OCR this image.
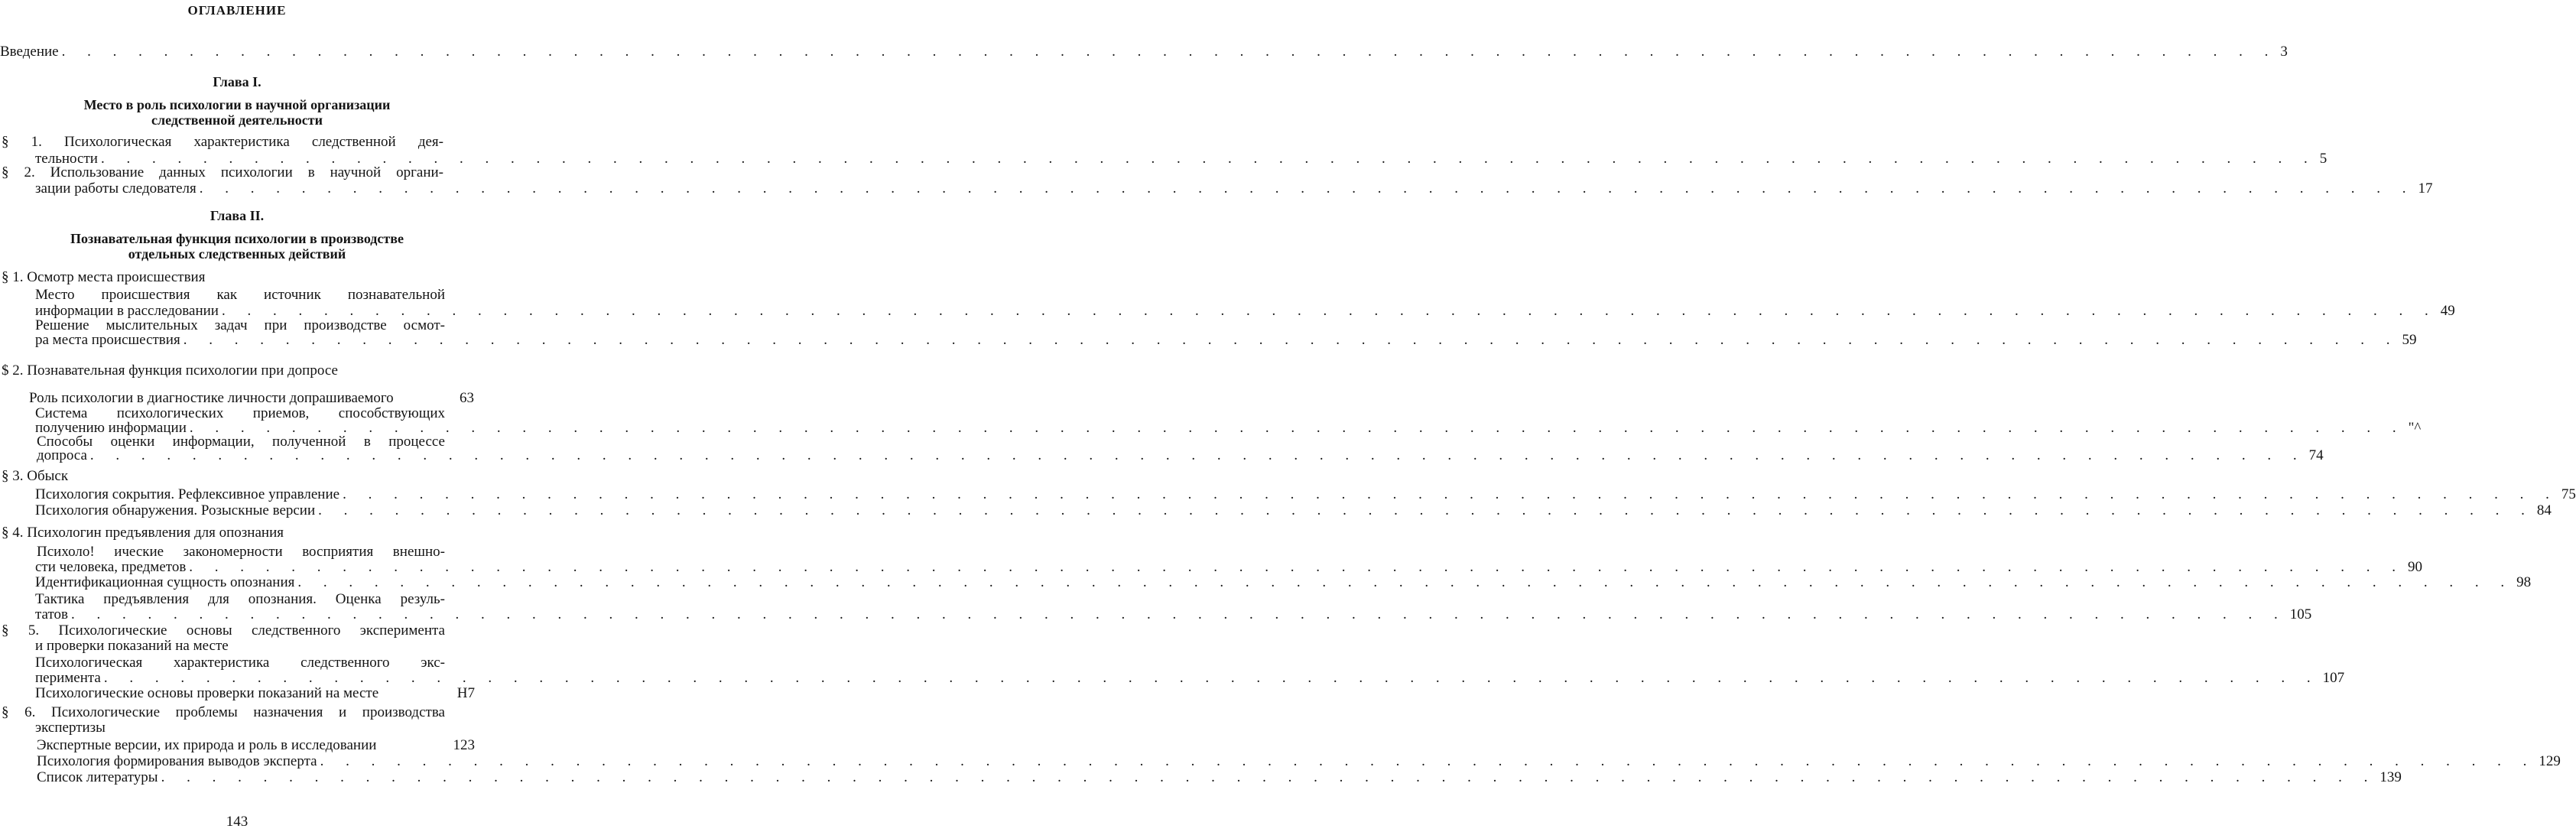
ОГЛАВЛЕНИЕ
Введение . . .	3
Глава I.
Место в роль психологии в научной организации
следственной деятельности
§ 1. Психологическая характеристика следственной дея-
тельности . . .	5
§ 2. Использование данных психологии в научной органи-
зации работы следователя . . .	17
Глава II.
Познавательная функция психологии в производстве
отдельных следственных действий
§ 1. Осмотр места происшествия
Место происшествия как источник познавательной
информации в расследовании . . .	49
Решение мыслительных задач при производстве осмот-
ра места происшествия . . .	59
$ 2. Познавательная функция психологии при допросе
Роль психологии в диагностике личности допрашиваемого	63
Система психологических приемов, способствующих
получению информации . . .	"^
Способы оценки информации, полученной в процессе
допроса . . .	74
§ 3. Обыск
Психология сокрытия. Рефлексивное управление . . .	75
Психология обнаружения. Розыскные версии . . .	84
§ 4. Психологин предъявления для опознания
Психоло! ические закономерности восприятия внешно-
сти человека, предметов . . .	90
Идентификационная сущность опознания . . .	98
Тактика предъявления для опознания. Оценка резуль-
татов . . .	105
§ 5. Психологические основы следственного эксперимента
и проверки показаний на месте
Психологическая характеристика следственного экс-
перимента . . .	107
Психологические основы проверки показаний на месте	Н7
§ 6. Психологические проблемы назначения и производства
экспертизы
Экспертные версии, их природа и роль в исследовании	123
Психология формирования выводов эксперта . . .	129
Список литературы . . .	139
143
